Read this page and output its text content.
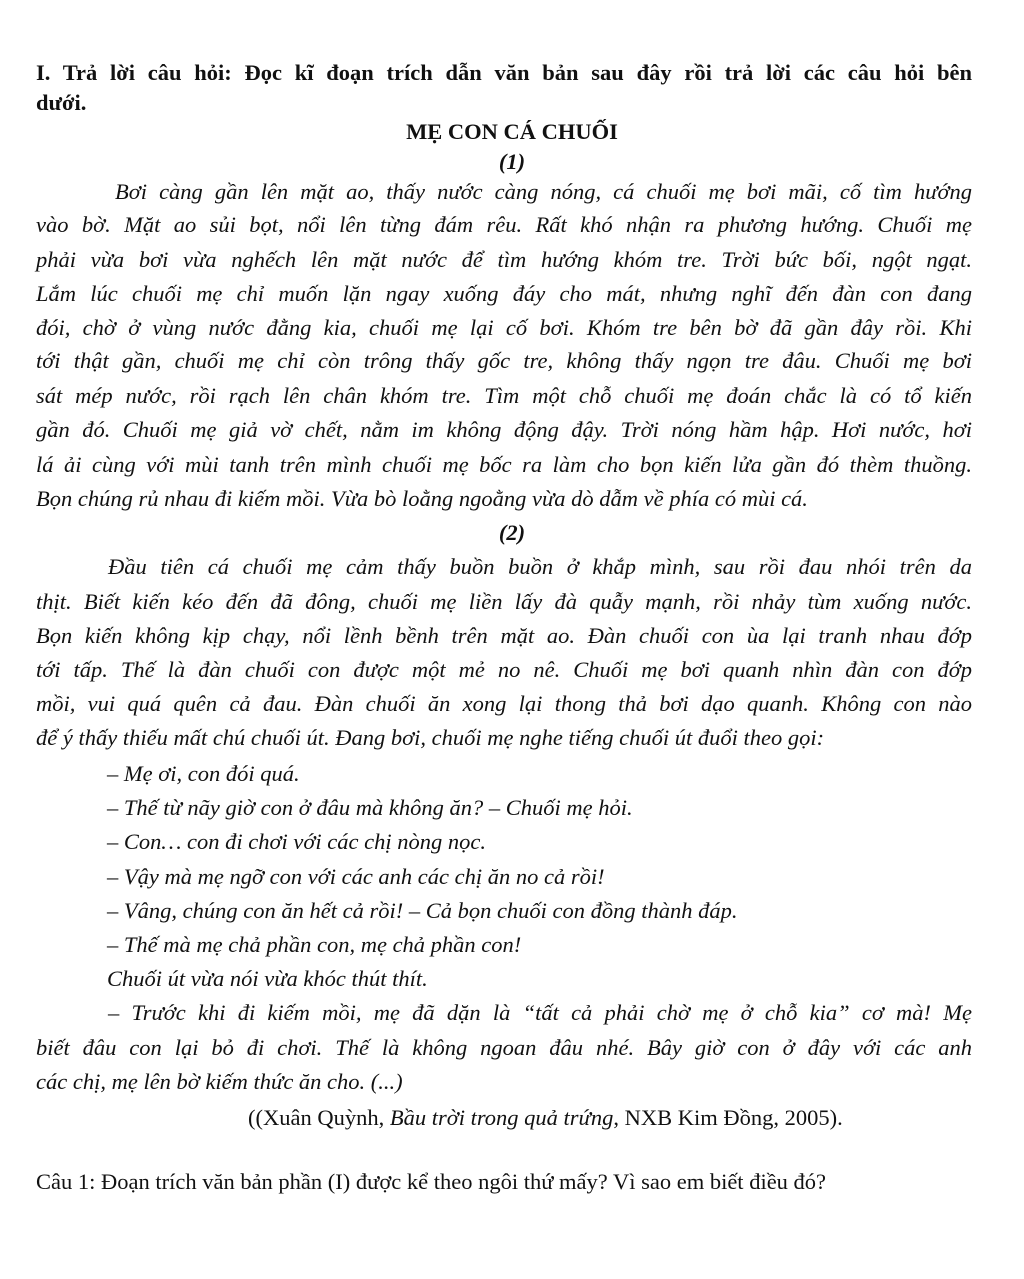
I. Trả lời câu hỏi: Đọc kĩ đoạn trích dẫn văn bản sau đây rồi trả lời các câu hỏi bên
dưới.
MẸ CON CÁ CHUỐI
(1)
Bơi càng gần lên mặt ao, thấy nước càng nóng, cá chuối mẹ bơi mãi, cố tìm hướng
vào bờ. Mặt ao sủi bọt, nổi lên từng đám rêu. Rất khó nhận ra phương hướng. Chuối mẹ
phải vừa bơi vừa nghếch lên mặt nước để tìm hướng khóm tre. Trời bức bối, ngột ngạt.
Lắm lúc chuối mẹ chỉ muốn lặn ngay xuống đáy cho mát, nhưng nghĩ đến đàn con đang
đói, chờ ở vùng nước đằng kia, chuối mẹ lại cố bơi. Khóm tre bên bờ đã gần đây rồi. Khi
tới thật gần, chuối mẹ chỉ còn trông thấy gốc tre, không thấy ngọn tre đâu. Chuối mẹ bơi
sát mép nước, rồi rạch lên chân khóm tre. Tìm một chỗ chuối mẹ đoán chắc là có tổ kiến
gần đó. Chuối mẹ giả vờ chết, nằm im không động đậy. Trời nóng hầm hập. Hơi nước, hơi
lá ải cùng với mùi tanh trên mình chuối mẹ bốc ra làm cho bọn kiến lửa gần đó thèm thuồng.
Bọn chúng rủ nhau đi kiếm mồi. Vừa bò loằng ngoằng vừa dò dẫm về phía có mùi cá.
(2)
Đầu tiên cá chuối mẹ cảm thấy buồn buồn ở khắp mình, sau rồi đau nhói trên da
thịt. Biết kiến kéo đến đã đông, chuối mẹ liền lấy đà quẫy mạnh, rồi nhảy tùm xuống nước.
Bọn kiến không kịp chạy, nổi lềnh bềnh trên mặt ao. Đàn chuối con ùa lại tranh nhau đớp
tới tấp. Thế là đàn chuối con được một mẻ no nê. Chuối mẹ bơi quanh nhìn đàn con đớp
mồi, vui quá quên cả đau. Đàn chuối ăn xong lại thong thả bơi dạo quanh. Không con nào
để ý thấy thiếu mất chú chuối út. Đang bơi, chuối mẹ nghe tiếng chuối út đuổi theo gọi:
– Mẹ ơi, con đói quá.
– Thế từ nãy giờ con ở đâu mà không ăn? – Chuối mẹ hỏi.
– Con… con đi chơi với các chị nòng nọc.
– Vậy mà mẹ ngỡ con với các anh các chị ăn no cả rồi!
– Vâng, chúng con ăn hết cả rồi! – Cả bọn chuối con đồng thành đáp.
– Thế mà mẹ chả phần con, mẹ chả phần con!
Chuối út vừa nói vừa khóc thút thít.
– Trước khi đi kiếm mồi, mẹ đã dặn là “tất cả phải chờ mẹ ở chỗ kia” cơ mà! Mẹ
biết đâu con lại bỏ đi chơi. Thế là không ngoan đâu nhé. Bây giờ con ở đây với các anh
các chị, mẹ lên bờ kiếm thức ăn cho. (...)
((Xuân Quỳnh, Bầu trời trong quả trứng, NXB Kim Đồng, 2005).
Câu 1: Đoạn trích văn bản phần (I) được kể theo ngôi thứ mấy? Vì sao em biết điều đó?
